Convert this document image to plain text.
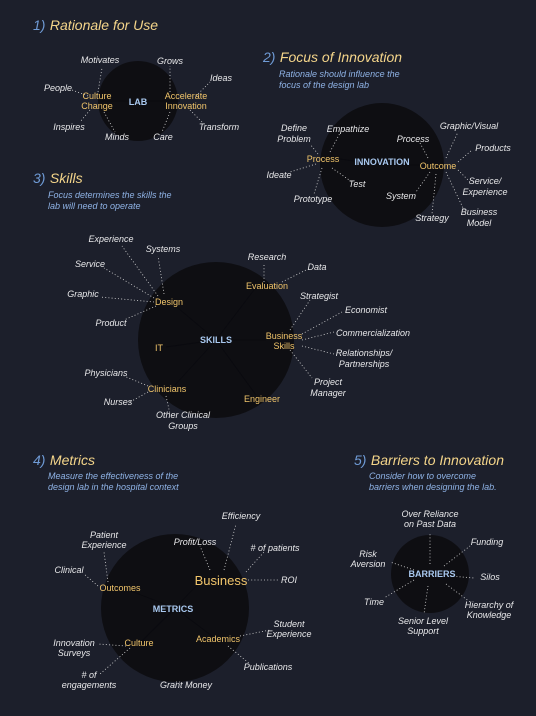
1) Rationale for Use
LAB
Culture Change
Accelerate Innovation
Motivates	Grows
Ideas
People
Inspires
Minds	Care
Transform
2) Focus of Innovation
Rationale should influence the focus of the design lab
INNOVATION
Process
Outcome
Define Problem
Empathize
Ideate
Prototype
Test
Process
System
Strategy
Graphic/Visual
Products
Service/ Experience
Business Model
3) Skills
Focus determines the skills the lab will need to operate
SKILLS
Design
Evaluation
Business Skills
IT
Clinicians
Engineer
Experience
Systems
Service
Graphic
Product
Research
Data
Strategist
Economist
Commercialization
Relationships/ Partnerships
Project Manager
Physicians
Nurses
Other Clinical Groups
4) Metrics
Measure the effectiveness of the design lab in the hospital context
METRICS
Outcomes	Business
Culture	Academics
Patient Experience
Clinical
Profit/Loss
Efficiency
# of patients
ROI
Innovation Surveys
# of engagements	Grant Money
Student Experience
Publications
5) Barriers to Innovation
Consider how to overcome barriers when designing the lab.
BARRIERS
Over Reliance on Past Data
Funding
Risk Aversion
Silos
Time	Hierarchy of Knowledge
Senior Level Support
